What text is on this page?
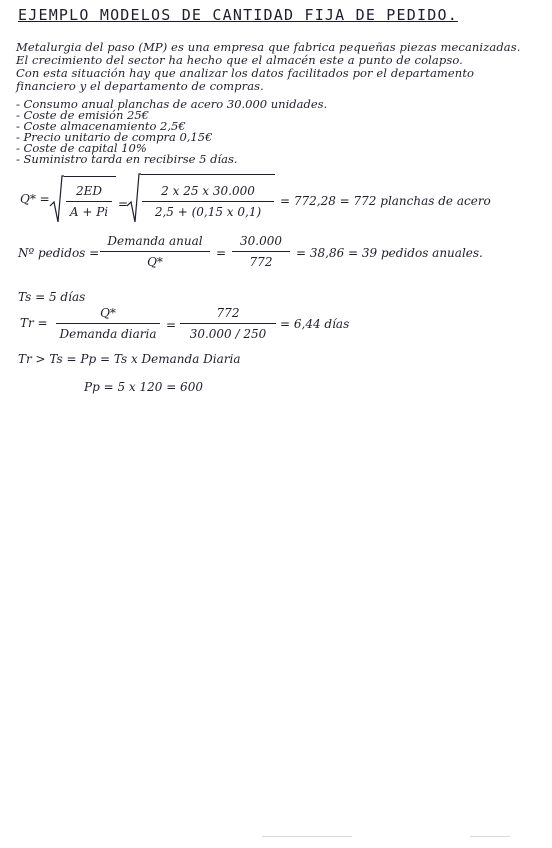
EJEMPLO MODELOS DE CANTIDAD FIJA DE PEDIDO.
Metalurgia del paso (MP) es una empresa que fabrica pequeñas piezas mecanizadas.
El crecimiento del sector ha hecho que el almacén este a punto de colapso.
Con esta situación hay que analizar los datos facilitados por el departamento
financiero y el departamento de compras.
- Consumo anual planchas de acero 30.000 unidades.
- Coste de emisión 25€
- Coste almacenamiento 2,5€
- Precio unitario de compra 0,15€
- Coste de capital 10%
- Suministro tarda en recibirse 5 días.
Q* =
2ED
A + Pi
=
2 x 25 x 30.000
2,5 + (0,15 x 0,1)
= 772,28 = 772 planchas de acero
Nº pedidos =
Demanda anual
Q*
=
30.000
772
= 38,86 = 39 pedidos anuales.
Ts = 5 días
Tr =
Q*
Demanda diaria
=
772
30.000 / 250
= 6,44 días
Tr > Ts = Pp = Ts x Demanda Diaria
Pp = 5 x 120 = 600
